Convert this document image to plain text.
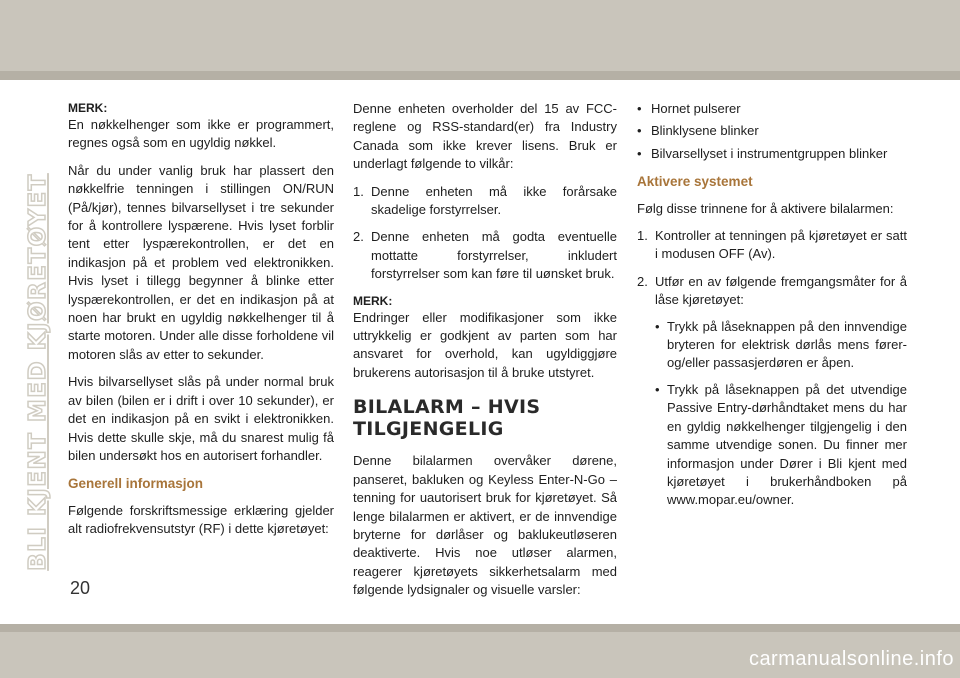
BLI KJENT MED KJØRETØYET
MERK:

En nøkkelhenger som ikke er programmert, regnes også som en ugyldig nøkkel.

Når du under vanlig bruk har plassert den nøkkelfrie tenningen i stillingen ON/RUN (På/kjør), tennes bilvarsellyset i tre sekunder for å kontrollere lyspærene. Hvis lyset forblir tent etter lyspærekontrollen, er det en indikasjon på et problem ved elektronikken. Hvis lyset i tillegg begynner å blinke etter lyspærekontrollen, er det en indikasjon på at noen har brukt en ugyldig nøkkelhenger til å starte motoren. Under alle disse forholdene vil motoren slås av etter to sekunder.

Hvis bilvarsellyset slås på under normal bruk av bilen (bilen er i drift i over 10 sekunder), er det en indikasjon på en svikt i elektronikken. Hvis dette skulle skje, må du snarest mulig få bilen undersøkt hos en autorisert forhandler.

Generell informasjon

Følgende forskriftsmessige erklæring gjelder alt radiofrekvensutstyr (RF) i dette kjøretøyet:

Denne enheten overholder del 15 av FCC-reglene og RSS-standard(er) fra Industry Canada som ikke krever lisens. Bruk er underlagt følgende to vilkår:

1. Denne enheten må ikke forårsake skadelige forstyrrelser.
2. Denne enheten må godta eventuelle mottatte forstyrrelser, inkludert forstyrrelser som kan føre til uønsket bruk.
MERK:

Endringer eller modifikasjoner som ikke uttrykkelig er godkjent av parten som har ansvaret for overhold, kan ugyldiggjøre brukerens autorisasjon til å bruke utstyret.

BILALARM – HVIS TILGJENGELIG

Denne bilalarmen overvåker dørene, panseret, bakluken og Keyless Enter-N-Go – tenning for uautorisert bruk for kjøretøyet. Så lenge bilalarmen er aktivert, er de innvendige bryterne for dørlåser og baklukeutløseren deaktiverte. Hvis noe utløser alarmen, reagerer kjøretøyets sikkerhetsalarm med følgende lydsignaler og visuelle varsler:

• Hornet pulserer
• Blinklysene blinker
• Bilvarsellyset i instrumentgruppen blinker
Aktivere systemet

Følg disse trinnene for å aktivere bilalarmen:

1. Kontroller at tenningen på kjøretøyet er satt i modusen OFF (Av).
2. Utfør en av følgende fremgangsmåter for å låse kjøretøyet:
• Trykk på låseknappen på den innvendige bryteren for elektrisk dørlås mens fører- og/eller passasjerdøren er åpen.
• Trykk på låseknappen på det utvendige Passive Entry-dørhåndtaket mens du har en gyldig nøkkelhenger tilgjengelig i den samme utvendige sonen. Du finner mer informasjon under Dører i Bli kjent med kjøretøyet i brukerhåndboken på www.mopar.eu/owner.
20
carmanualsonline.info
